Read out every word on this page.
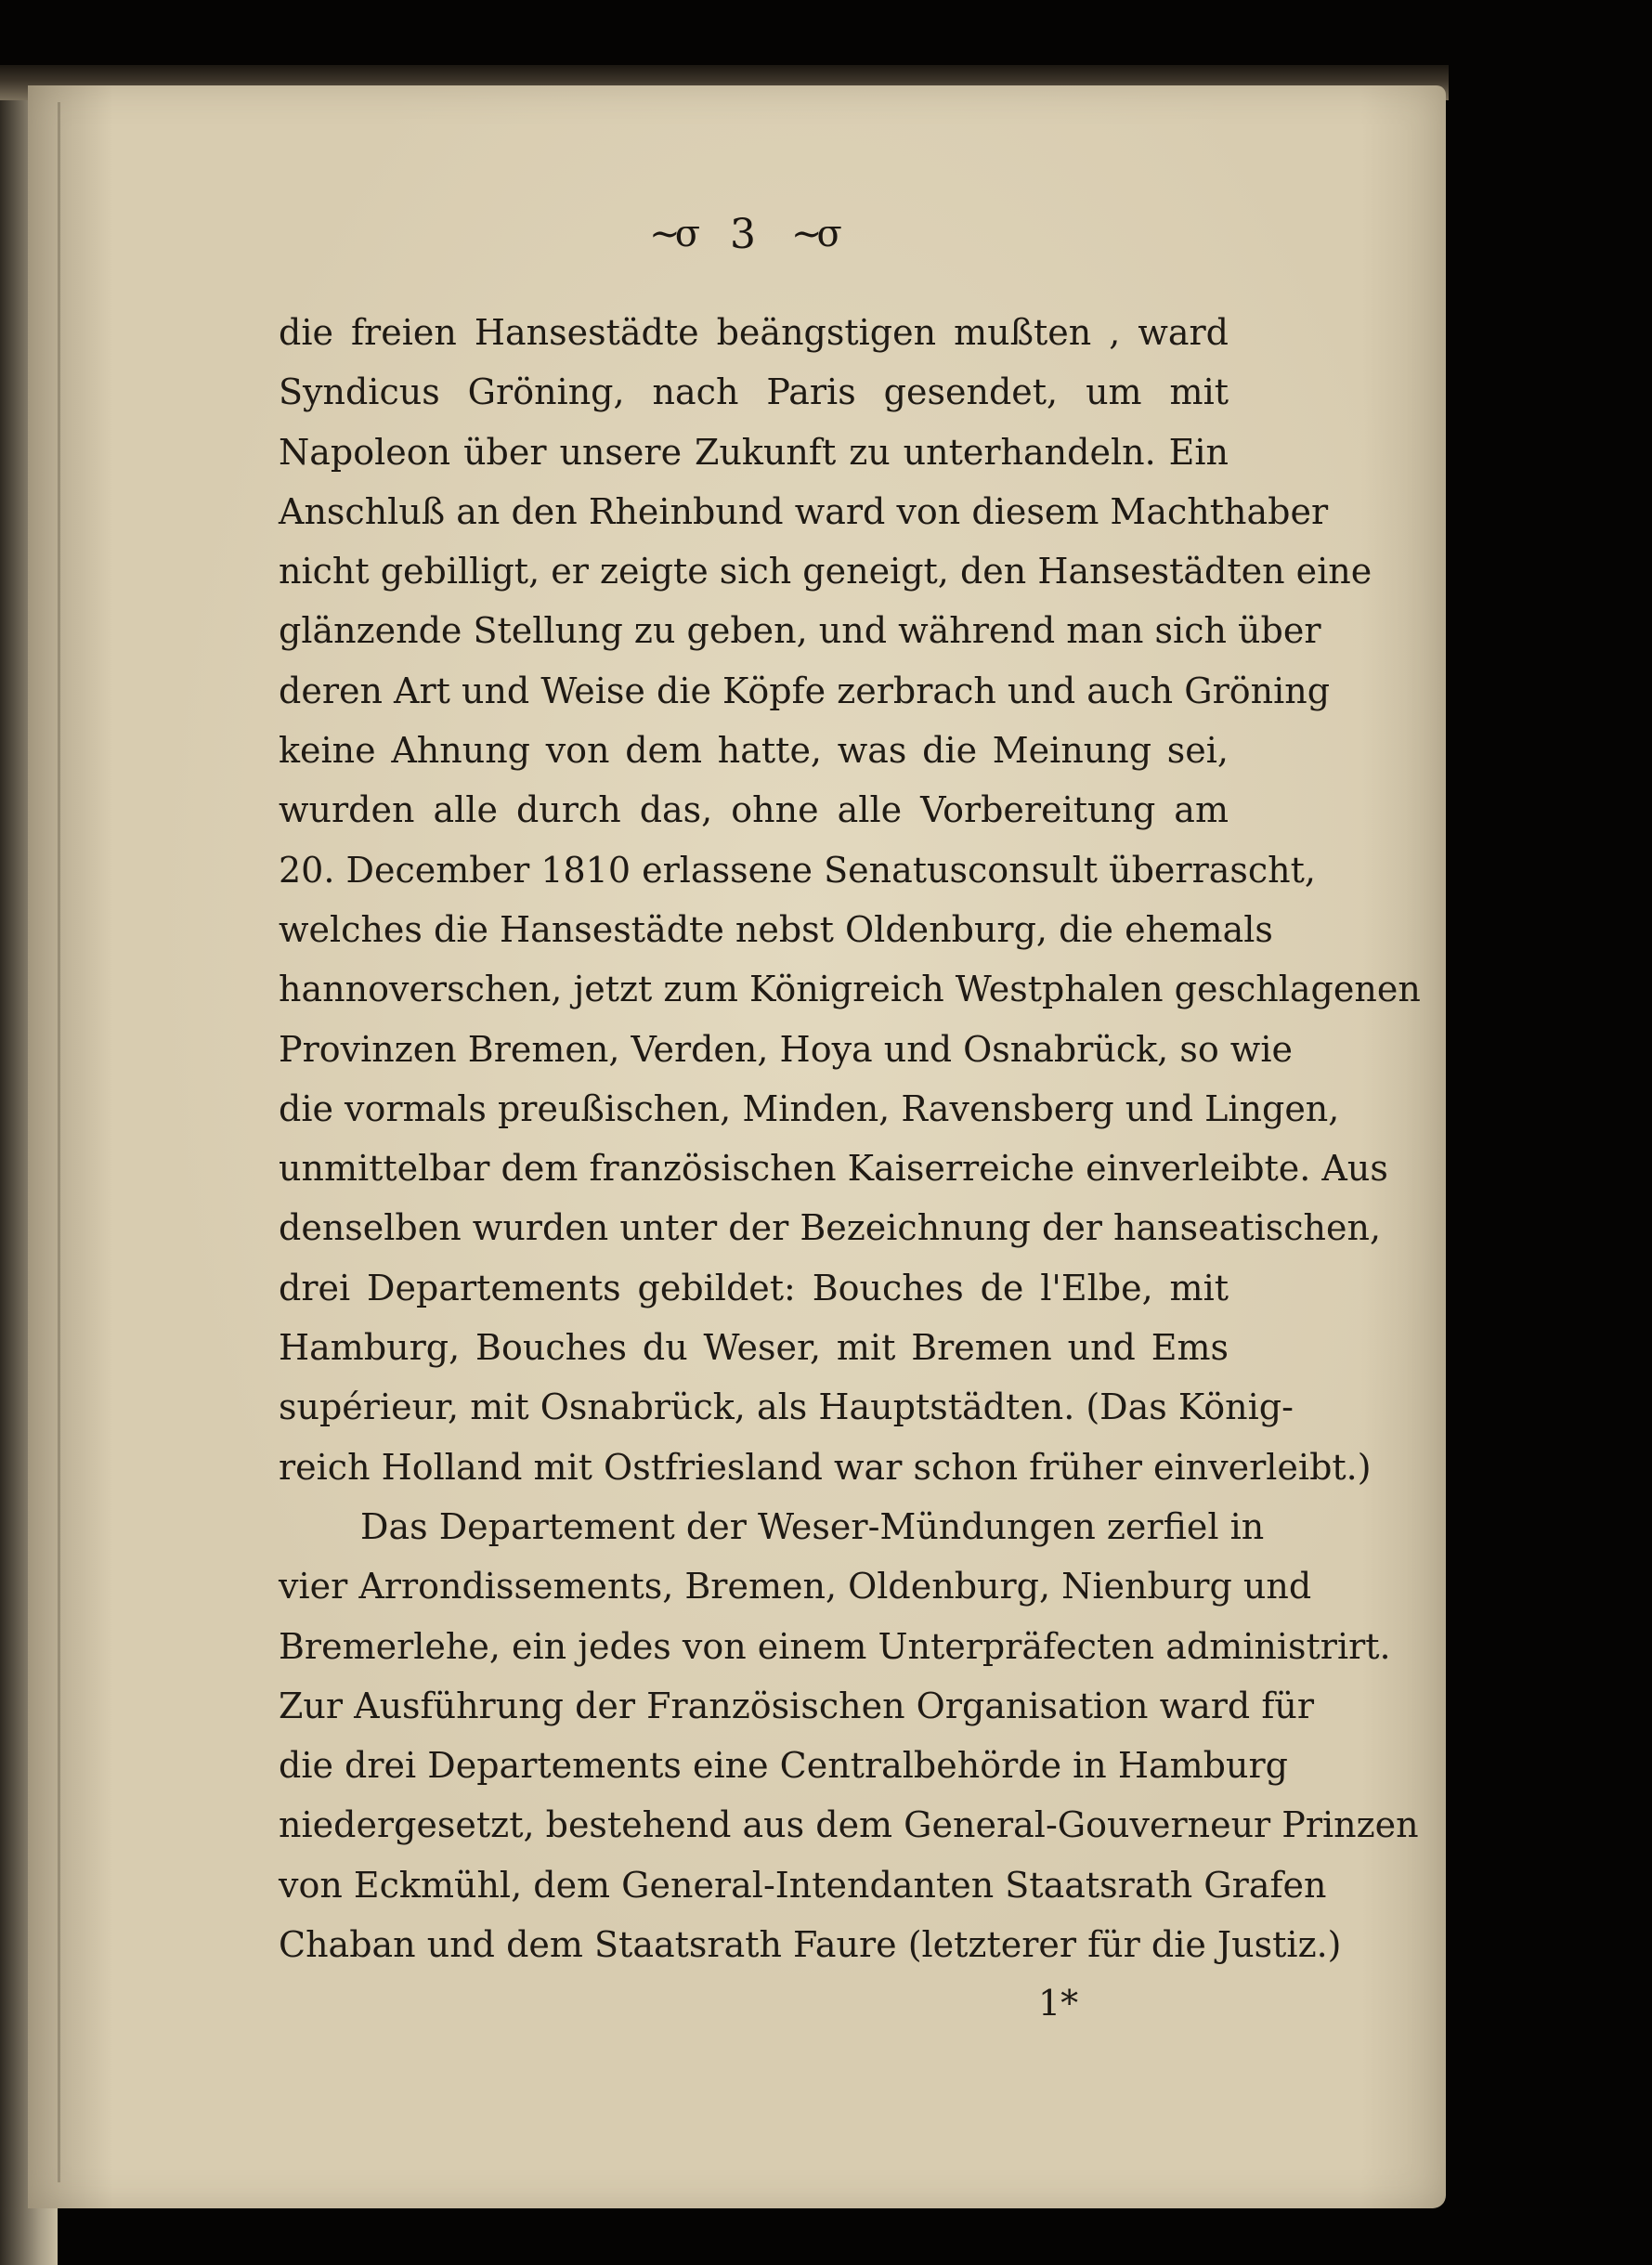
∼σ 3 ∼σ
die freien Hansestädte beängstigen mußten , ward
Syndicus Gröning, nach Paris gesendet, um mit
Napoleon über unsere Zukunft zu unterhandeln. Ein
Anschluß an den Rheinbund ward von diesem Machthaber
nicht gebilligt, er zeigte sich geneigt, den Hansestädten eine
glänzende Stellung zu geben, und während man sich über
deren Art und Weise die Köpfe zerbrach und auch Gröning
keine Ahnung von dem hatte, was die Meinung sei,
wurden alle durch das, ohne alle Vorbereitung am
20. December 1810 erlassene Senatusconsult überrascht,
welches die Hansestädte nebst Oldenburg, die ehemals
hannoverschen, jetzt zum Königreich Westphalen geschlagenen
Provinzen Bremen, Verden, Hoya und Osnabrück, so wie
die vormals preußischen, Minden, Ravensberg und Lingen,
unmittelbar dem französischen Kaiserreiche einverleibte. Aus
denselben wurden unter der Bezeichnung der hanseatischen,
drei Departements gebildet: Bouches de l'Elbe, mit
Hamburg, Bouches du Weser, mit Bremen und Ems
supérieur, mit Osnabrück, als Hauptstädten. (Das König-
reich Holland mit Ostfriesland war schon früher einverleibt.)
Das Departement der Weser-Mündungen zerfiel in
vier Arrondissements, Bremen, Oldenburg, Nienburg und
Bremerlehe, ein jedes von einem Unterpräfecten administrirt.
Zur Ausführung der Französischen Organisation ward für
die drei Departements eine Centralbehörde in Hamburg
niedergesetzt, bestehend aus dem General-Gouverneur Prinzen
von Eckmühl, dem General-Intendanten Staatsrath Grafen
Chaban und dem Staatsrath Faure (letzterer für die Justiz.)
1*
